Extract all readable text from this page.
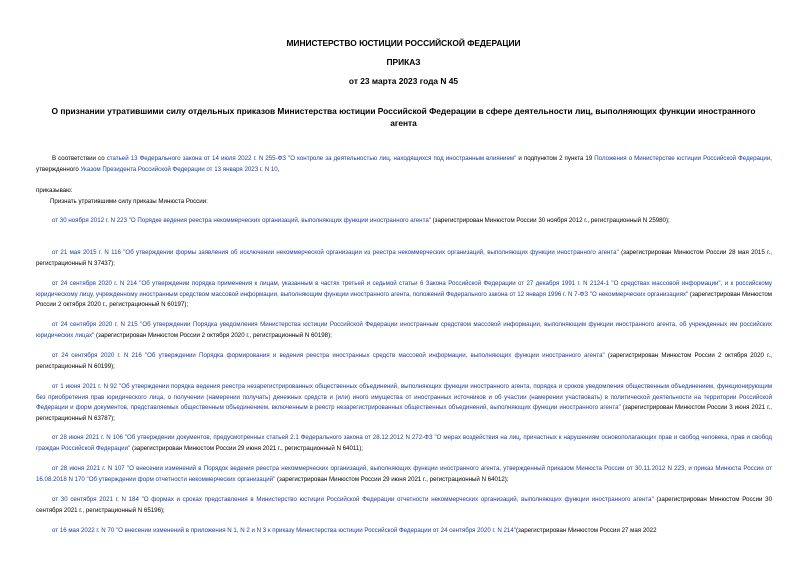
МИНИСТЕРСТВО ЮСТИЦИИ РОССИЙСКОЙ ФЕДЕРАЦИИ
ПРИКАЗ
от 23 марта 2023 года N 45
О признании утратившими силу отдельных приказов Министерства юстиции Российской Федерации в сфере деятельности лиц, выполняющих функции иностранного агента
В соответствии со статьей 13 Федерального закона от 14 июля 2022 г. N 255-ФЗ "О контроле за деятельностью лиц, находящихся под иностранным влиянием" и подпунктом 2 пункта 19 Положения о Министерстве юстиции Российской Федерации, утвержденного Указом Президента Российской Федерации от 13 января 2023 г. N 10,
приказываю:
Признать утратившими силу приказы Минюста России:
от 30 ноября 2012 г. N 223 "О Порядке ведения реестра некоммерческих организаций, выполняющих функции иностранного агента" (зарегистрирован Минюстом России 30 ноября 2012 г., регистрационный N 25980);
от 21 мая 2015 г. N 116 "Об утверждении формы заявления об исключении некоммерческой организации из реестра некоммерческих организаций, выполняющих функции иностранного агента" (зарегистрирован Минюстом России 28 мая 2015 г., регистрационный N 37437);
от 24 сентября 2020 г. N 214 "Об утверждении порядка применения к лицам, указанным в частях третьей и седьмой статьи 6 Закона Российской Федерации от 27 декабря 1991 г. N 2124-1 "О средствах массовой информации", и к российскому юридическому лицу, учрежденному иностранным средством массовой информации, выполняющим функции иностранного агента, положений Федерального закона от 12 января 1996 г. N 7-ФЗ "О некоммерческих организациях" (зарегистрирован Минюстом России 2 октября 2020 г., регистрационный N 60197);
от 24 сентября 2020 г. N 215 "Об утверждении Порядка уведомления Министерства юстиции Российской Федерации иностранным средством массовой информации, выполняющим функции иностранного агента, об учрежденных им российских юридических лицах" (зарегистрирован Минюстом России 2 октября 2020 г., регистрационный N 60198);
от 24 сентября 2020 г. N 216 "Об утверждении Порядка формирования и ведения реестра иностранных средств массовой информации, выполняющих функции иностранного агента" (зарегистрирован Минюстом России 2 октября 2020 г., регистрационный N 60199);
от 1 июня 2021 г. N 92 "Об утверждении порядка ведения реестра незарегистрированных общественных объединений, выполняющих функции иностранного агента, порядка и сроков уведомления общественным объединением, функционирующим без приобретения прав юридического лица, о получении (намерении получать) денежных средств и (или) иного имущества от иностранных источников и об участии (намерении участвовать) в политической деятельности на территории Российской Федерации и форм документов, представляемых общественным объединением, включенным в реестр незарегистрированных общественных объединений, выполняющих функции иностранного агента" (зарегистрирован Минюстом России 3 июня 2021 г., регистрационный N 63787);
от 28 июня 2021 г. N 106 "Об утверждении документов, предусмотренных статьей 2.1 Федерального закона от 28.12.2012 N 272-ФЗ "О мерах воздействия на лиц, причастных к нарушениям основополагающих прав и свобод человека, прав и свобод граждан Российской Федерации" (зарегистрирован Минюстом России 29 июня 2021 г., регистрационный N 64011);
от 28 июня 2021 г. N 107 "О внесении изменений в Порядок ведения реестра некоммерческих организаций, выполняющих функции иностранного агента, утвержденный приказом Минюста России от 30.11.2012 N 223, и приказ Минюста России от 16.08.2018 N 170 "Об утверждении форм отчетности некоммерческих организаций" (зарегистрирован Минюстом России 29 июня 2021 г., регистрационный N 64012);
от 30 сентября 2021 г. N 184 "О формах и сроках представления в Министерство юстиции Российской Федерации отчетности некоммерческих организаций, выполняющих функции иностранного агента" (зарегистрирован Минюстом России 30 сентября 2021 г., регистрационный N 65196);
от 16 мая 2022 г. N 70 "О внесении изменений в приложения N 1, N 2 и N 3 к приказу Министерства юстиции Российской Федерации от 24 сентября 2020 г. N 214"(зарегистрирован Минюстом России 27 мая 2022
